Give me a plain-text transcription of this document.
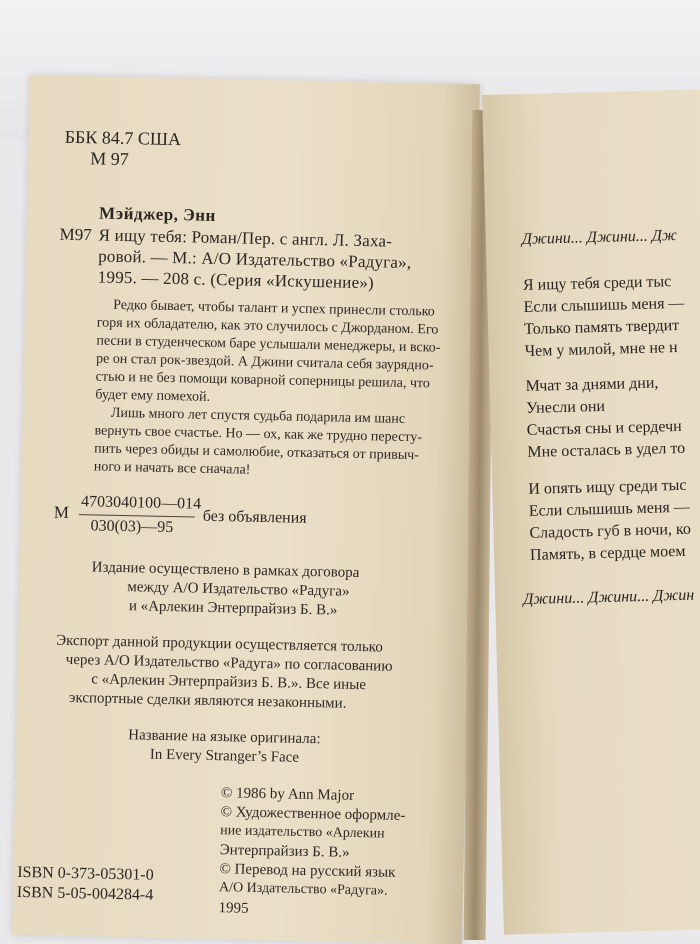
ББК 84.7 США
М 97
Мэйджер, Энн
М97 Я ищу тебя: Роман/Пер. с англ. Л. Заха-
ровой. — М.: А/О Издательство «Радуга»,
1995. — 208 с. (Серия «Искушение»)
Редко бывает, чтобы талант и успех принесли столько
горя их обладателю, как это случилось с Джорданом. Его
песни в студенческом баре услышали менеджеры, и вско-
ре он стал рок-звездой. А Джини считала себя заурядно-
стью и не без помощи коварной соперницы решила, что
будет ему помехой.
Лишь много лет спустя судьба подарила им шанс
вернуть свое счастье. Но — ох, как же трудно пересту-
пить через обиды и самолюбие, отказаться от привыч-
ного и начать все сначала!
М 4703040100—014
030(03)—95 без объявления
Издание осуществлено в рамках договора
между А/О Издательство «Радуга»
и «Арлекин Энтерпрайзиз Б. В.»
Экспорт данной продукции осуществляется только
через А/О Издательство «Радуга» по согласованию
с «Арлекин Энтерпрайзиз Б. В.». Все иные
экспортные сделки являются незаконными.
Название на языке оригинала:
In Every Stranger’s Face
© 1986 by Ann Major
© Художественное оформле-
ние издательство «Арлекин
Энтерпрайзиз Б. В.»
© Перевод на русский язык
А/О Издательство «Радуга».
1995
ISBN 0-373-05301-0
ISBN 5-05-004284-4
Джини... Джини... Дж
Я ищу тебя среди тыс
Если слышишь меня —
Только память твердит
Чем у милой, мне не н
Мчат за днями дни,
Унесли они
Счастья сны и сердечн
Мне осталась в удел то
И опять ищу среди тыс
Если слышишь меня —
Сладость губ в ночи, ко
Память, в сердце моем
Джини... Джини... Джин
